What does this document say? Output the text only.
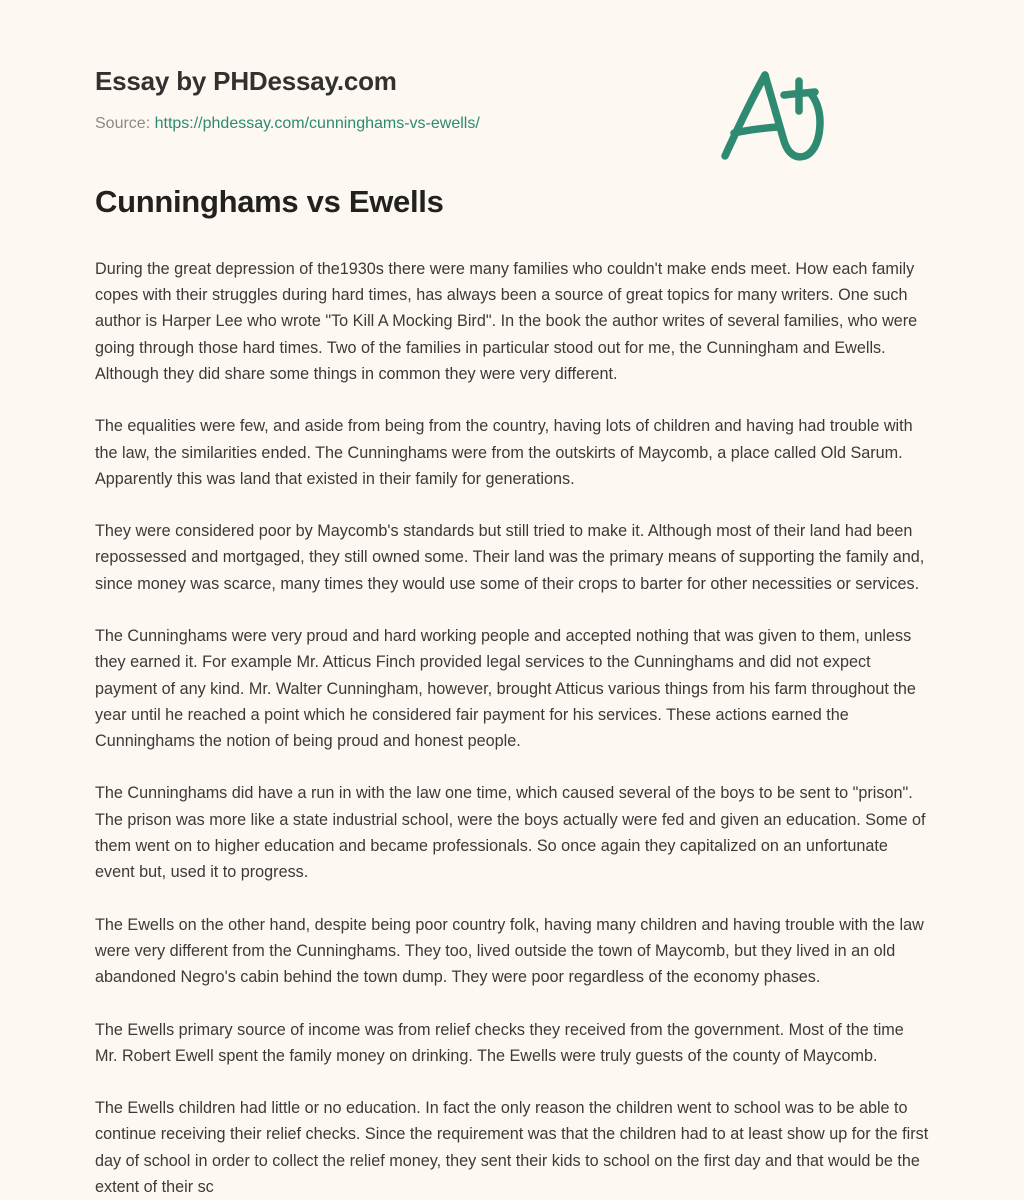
Essay by PHDessay.com
Source: https://phdessay.com/cunninghams-vs-ewells/
Cunninghams vs Ewells

During the great depression of the1930s there were many families who couldn't make ends meet. How each family copes with their struggles during hard times, has always been a source of great topics for many writers. One such author is Harper Lee who wrote "To Kill A Mocking Bird". In the book the author writes of several families, who were going through those hard times. Two of the families in particular stood out for me, the Cunningham and Ewells. Although they did share some things in common they were very different.

The equalities were few, and aside from being from the country, having lots of children and having had trouble with the law, the similarities ended. The Cunninghams were from the outskirts of Maycomb, a place called Old Sarum. Apparently this was land that existed in their family for generations.

They were considered poor by Maycomb's standards but still tried to make it. Although most of their land had been repossessed and mortgaged, they still owned some. Their land was the primary means of supporting the family and, since money was scarce, many times they would use some of their crops to barter for other necessities or services.

The Cunninghams were very proud and hard working people and accepted nothing that was given to them, unless they earned it. For example Mr. Atticus Finch provided legal services to the Cunninghams and did not expect payment of any kind. Mr. Walter Cunningham, however, brought Atticus various things from his farm throughout the year until he reached a point which he considered fair payment for his services. These actions earned the Cunninghams the notion of being proud and honest people.

The Cunninghams did have a run in with the law one time, which caused several of the boys to be sent to "prison". The prison was more like a state industrial school, were the boys actually were fed and given an education. Some of them went on to higher education and became professionals. So once again they capitalized on an unfortunate event but, used it to progress.

The Ewells on the other hand, despite being poor country folk, having many children and having trouble with the law were very different from the Cunninghams. They too, lived outside the town of Maycomb, but they lived in an old abandoned Negro's cabin behind the town dump. They were poor regardless of the economy phases.

The Ewells primary source of income was from relief checks they received from the government. Most of the time Mr. Robert Ewell spent the family money on drinking. The Ewells were truly guests of the county of Maycomb.

The Ewells children had little or no education. In fact the only reason the children went to school was to be able to continue receiving their relief checks. Since the requirement was that the children had to at least show up for the first day of school in order to collect the relief money, they sent their kids to school on the first day and that would be the extent of their sc
